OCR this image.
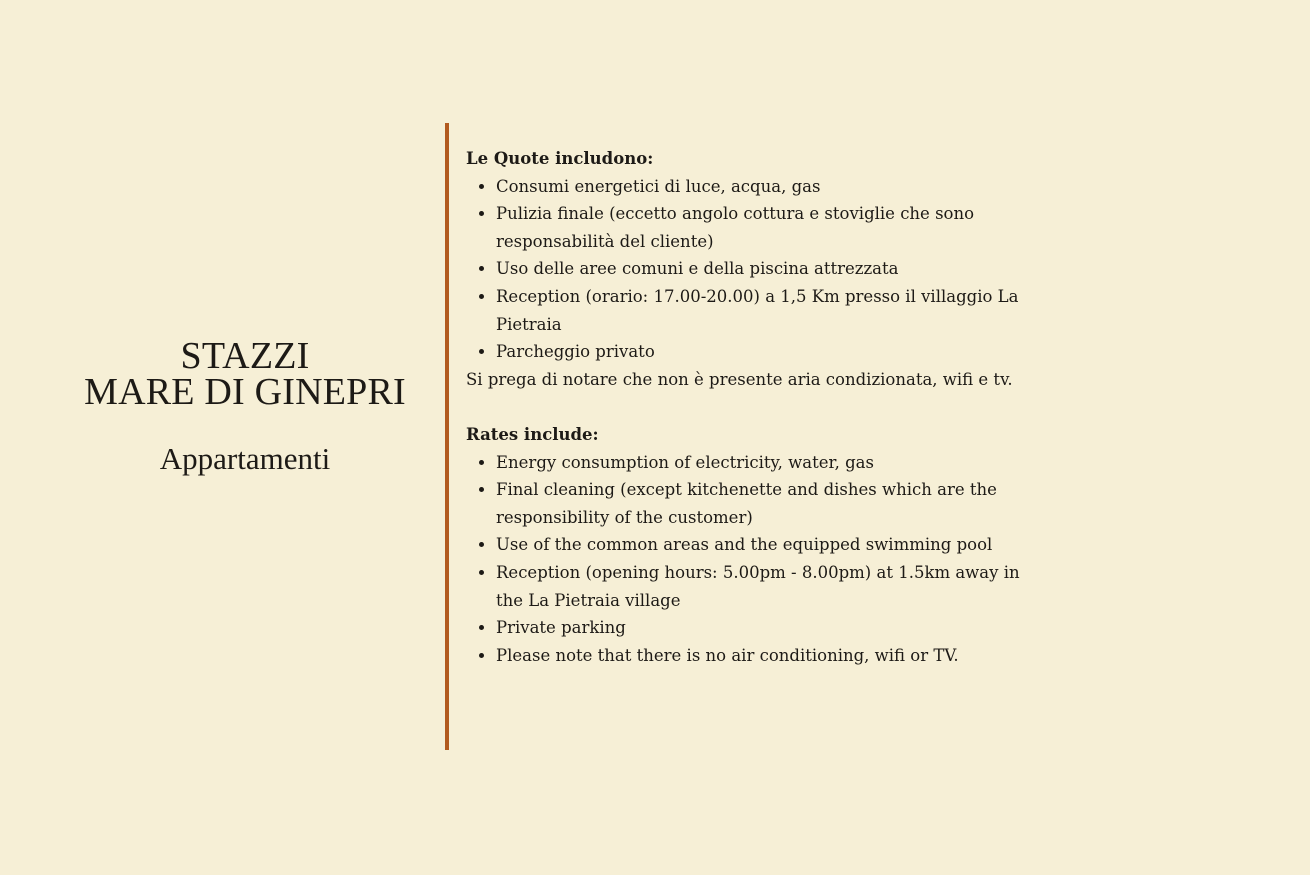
STAZZI
MARE DI GINEPRI
Appartamenti
Le Quote includono:
• Consumi energetici di luce, acqua, gas
• Pulizia finale (eccetto angolo cottura e stoviglie che sono responsabilità del cliente)
• Uso delle aree comuni e della piscina attrezzata
• Reception (orario: 17.00-20.00) a 1,5 Km presso il villaggio La Pietraia
• Parcheggio privato
Si prega di notare che non è presente aria condizionata, wifi e tv.
Rates include:
• Energy consumption of electricity, water, gas
• Final cleaning (except kitchenette and dishes which are the responsibility of the customer)
• Use of the common areas and the equipped swimming pool
• Reception (opening hours: 5.00pm - 8.00pm) at 1.5km away in the La Pietraia village
• Private parking
• Please note that there is no air conditioning, wifi or TV.
